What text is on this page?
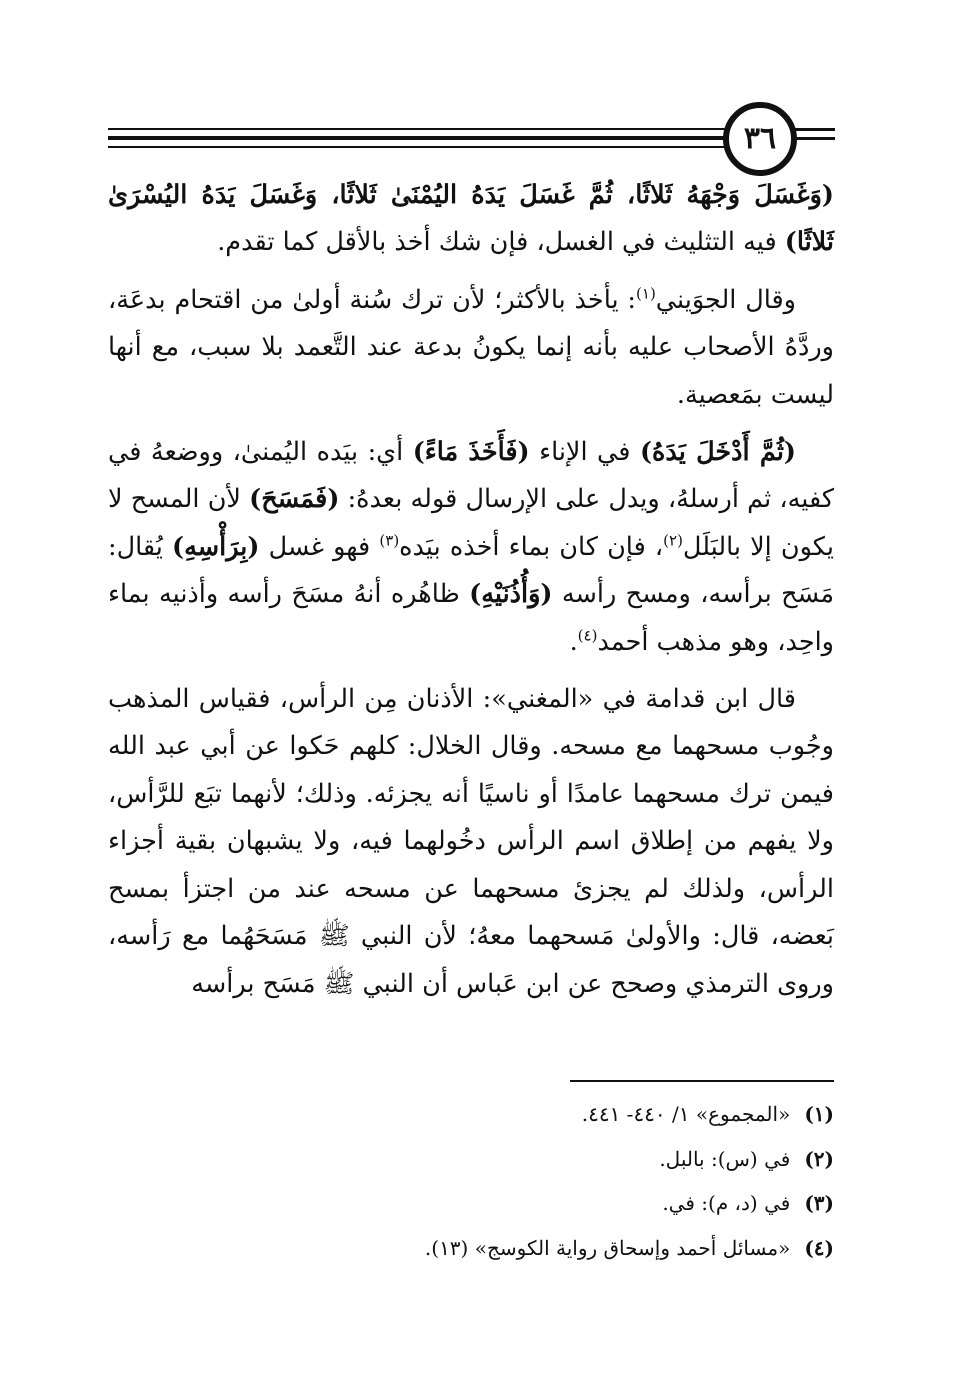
٣٦

(وَغَسَلَ وَجْهَهُ ثَلاثًا، ثُمَّ غَسَلَ يَدَهُ اليُمْنَىٰ ثَلاثًا، وَغَسَلَ يَدَهُ اليُسْرَىٰ ثَلاثًا) فيه التثليث في الغسل، فإن شك أخذ بالأقل كما تقدم.

وقال الجوَيني$^{(١)}$: يأخذ بالأكثر؛ لأن ترك سُنة أولىٰ من اقتحام بدعَة، وردَّهُ الأصحاب عليه بأنه إنما يكونُ بدعة عند التَّعمد بلا سبب، مع أنها ليست بمَعصية.

(ثُمَّ أَدْخَلَ يَدَهُ) في الإناء (فَأَخَذَ مَاءً) أي: بيَده اليُمنىٰ، ووضعهُ في كفيه، ثم أرسلهُ، ويدل على الإرسال قوله بعدهُ: (فَمَسَحَ) لأن المسح لا يكون إلا بالبَلَل$^{(٢)}$، فإن كان بماء أخذه بيَده$^{(٣)}$ فهو غسل (بِرَأْسِهِ) يُقال: مَسَح برأسه، ومسح رأسه (وَأُذُنَيْهِ) ظاهُره أنهُ مسَحَ رأسه وأذنيه بماء واحِد، وهو مذهب أحمد$^{(٤)}$.

قال ابن قدامة في «المغني»: الأذنان مِن الرأس، فقياس المذهب وجُوب مسحهما مع مسحه. وقال الخلال: كلهم حَكوا عن أبي عبد الله فيمن ترك مسحهما عامدًا أو ناسيًا أنه يجزئه. وذلك؛ لأنهما تبَع للرَّأس، ولا يفهم من إطلاق اسم الرأس دخُولهما فيه، ولا يشبهان بقية أجزاء الرأس، ولذلك لم يجزئ مسحهما عن مسحه عند من اجتزأ بمسح بَعضه، قال: والأولىٰ مَسحهما معهُ؛ لأن النبي ﷺ مَسَحَهُما مع رَأسه، وروى الترمذي وصحح عن ابن عَباس أن النبي ﷺ مَسَح برأسه

(١)«المجموع» ١/ ٤٤٠- ٤٤١.
(٢)في (س): بالبل.
(٣)في (د، م): في.
(٤)«مسائل أحمد وإسحاق رواية الكوسج» (١٣).
